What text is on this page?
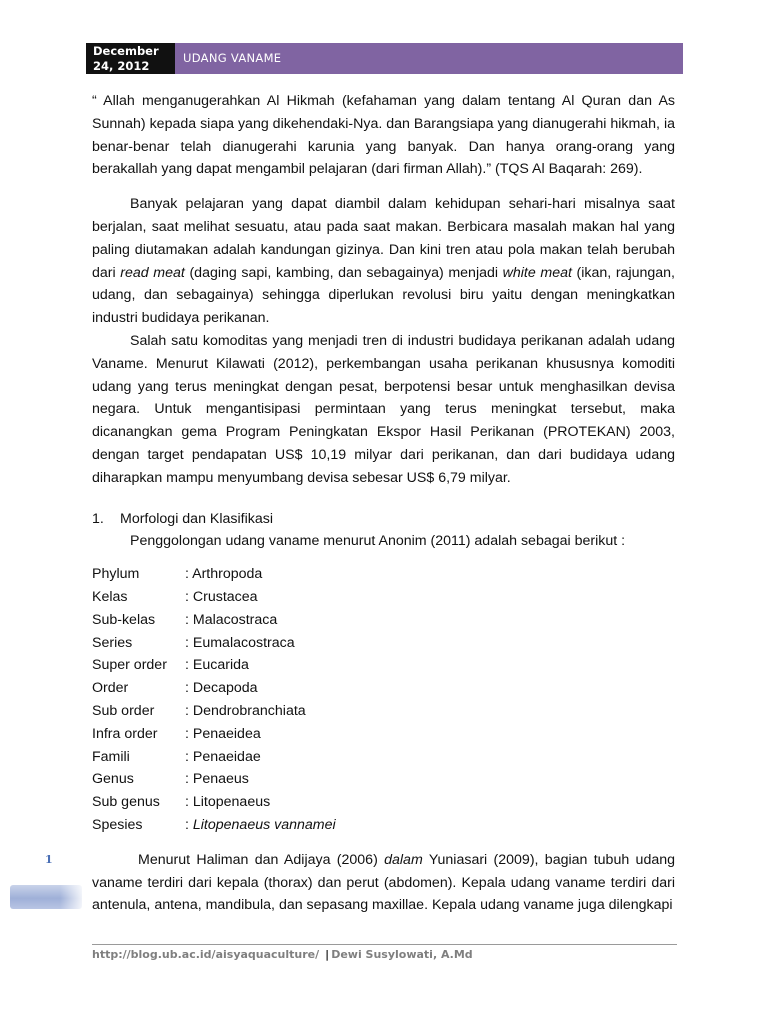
December
24, 2012
UDANG VANAME

“ Allah menganugerahkan Al Hikmah (kefahaman yang dalam tentang Al Quran dan As Sunnah) kepada siapa yang dikehendaki-Nya. dan Barangsiapa yang dianugerahi hikmah, ia benar-benar telah dianugerahi karunia yang banyak. Dan hanya orang-orang yang berakallah yang dapat mengambil pelajaran (dari firman Allah).” (TQS Al Baqarah: 269).

Banyak pelajaran yang dapat diambil dalam kehidupan sehari-hari misalnya saat berjalan, saat melihat sesuatu, atau pada saat makan. Berbicara masalah makan hal yang paling diutamakan adalah kandungan gizinya. Dan kini tren atau pola makan telah berubah dari read meat (daging sapi, kambing, dan sebagainya) menjadi white meat (ikan, rajungan, udang, dan sebagainya) sehingga diperlukan revolusi biru yaitu dengan meningkatkan industri budidaya perikanan.

Salah satu komoditas yang menjadi tren di industri budidaya perikanan adalah udang Vaname. Menurut Kilawati (2012), perkembangan usaha perikanan khususnya komoditi udang yang terus meningkat dengan pesat, berpotensi besar untuk menghasilkan devisa negara. Untuk mengantisipasi permintaan yang terus meningkat tersebut, maka dicanangkan gema Program Peningkatan Ekspor Hasil Perikanan (PROTEKAN) 2003, dengan target pendapatan US$ 10,19 milyar dari perikanan, dan dari budidaya udang diharapkan mampu menyumbang devisa sebesar US$ 6,79 milyar.

1.	Morfologi dan Klasifikasi

Penggolongan udang vaname menurut Anonim (2011) adalah sebagai berikut :

Phylum	: Arthropoda
Kelas	: Crustacea
Sub-kelas	: Malacostraca
Series	: Eumalacostraca
Super order	: Eucarida
Order	: Decapoda
Sub order	: Dendrobranchiata
Infra order	: Penaeidea
Famili	: Penaeidae
Genus	: Penaeus
Sub genus	: Litopenaeus
Spesies	: Litopenaeus vannamei

Menurut Haliman dan Adijaya (2006) dalam Yuniasari (2009), bagian tubuh udang vaname terdiri dari kepala (thorax) dan perut (abdomen). Kepala udang vaname terdiri dari antenula, antena, mandibula, dan sepasang maxillae. Kepala udang vaname juga dilengkapi

1
http://blog.ub.ac.id/aisyaquaculture/ | Dewi Susylowati, A.Md
